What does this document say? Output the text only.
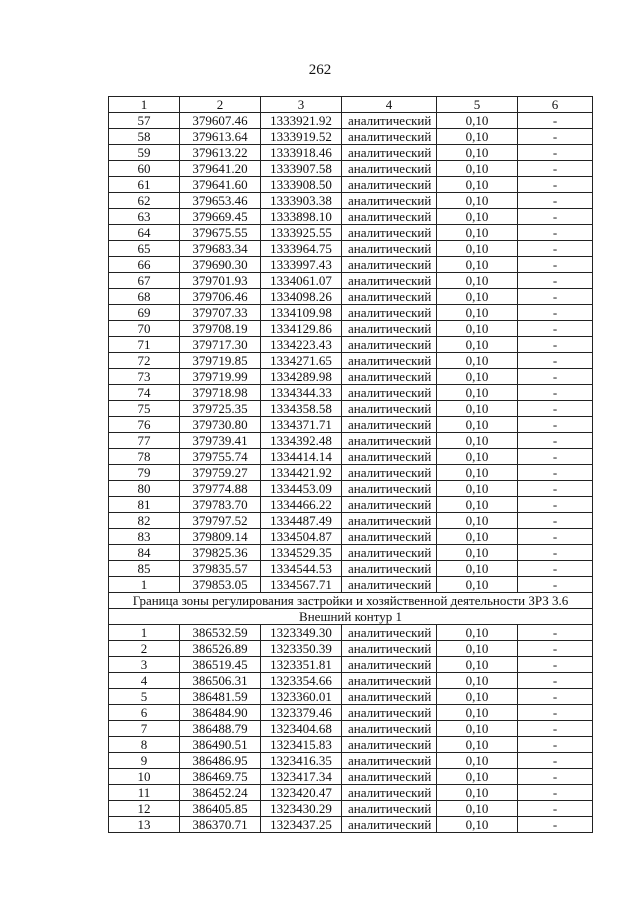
262
1	2	3	4	5	6
57	379607.46	1333921.92	аналитический	0,10	-
58	379613.64	1333919.52	аналитический	0,10	-
59	379613.22	1333918.46	аналитический	0,10	-
60	379641.20	1333907.58	аналитический	0,10	-
61	379641.60	1333908.50	аналитический	0,10	-
62	379653.46	1333903.38	аналитический	0,10	-
63	379669.45	1333898.10	аналитический	0,10	-
64	379675.55	1333925.55	аналитический	0,10	-
65	379683.34	1333964.75	аналитический	0,10	-
66	379690.30	1333997.43	аналитический	0,10	-
67	379701.93	1334061.07	аналитический	0,10	-
68	379706.46	1334098.26	аналитический	0,10	-
69	379707.33	1334109.98	аналитический	0,10	-
70	379708.19	1334129.86	аналитический	0,10	-
71	379717.30	1334223.43	аналитический	0,10	-
72	379719.85	1334271.65	аналитический	0,10	-
73	379719.99	1334289.98	аналитический	0,10	-
74	379718.98	1334344.33	аналитический	0,10	-
75	379725.35	1334358.58	аналитический	0,10	-
76	379730.80	1334371.71	аналитический	0,10	-
77	379739.41	1334392.48	аналитический	0,10	-
78	379755.74	1334414.14	аналитический	0,10	-
79	379759.27	1334421.92	аналитический	0,10	-
80	379774.88	1334453.09	аналитический	0,10	-
81	379783.70	1334466.22	аналитический	0,10	-
82	379797.52	1334487.49	аналитический	0,10	-
83	379809.14	1334504.87	аналитический	0,10	-
84	379825.36	1334529.35	аналитический	0,10	-
85	379835.57	1334544.53	аналитический	0,10	-
1	379853.05	1334567.71	аналитический	0,10	-
Граница зоны регулирования застройки и хозяйственной деятельности ЗРЗ 3.6					
Внешний контур 1					
1	386532.59	1323349.30	аналитический	0,10	-
2	386526.89	1323350.39	аналитический	0,10	-
3	386519.45	1323351.81	аналитический	0,10	-
4	386506.31	1323354.66	аналитический	0,10	-
5	386481.59	1323360.01	аналитический	0,10	-
6	386484.90	1323379.46	аналитический	0,10	-
7	386488.79	1323404.68	аналитический	0,10	-
8	386490.51	1323415.83	аналитический	0,10	-
9	386486.95	1323416.35	аналитический	0,10	-
10	386469.75	1323417.34	аналитический	0,10	-
11	386452.24	1323420.47	аналитический	0,10	-
12	386405.85	1323430.29	аналитический	0,10	-
13	386370.71	1323437.25	аналитический	0,10	-
